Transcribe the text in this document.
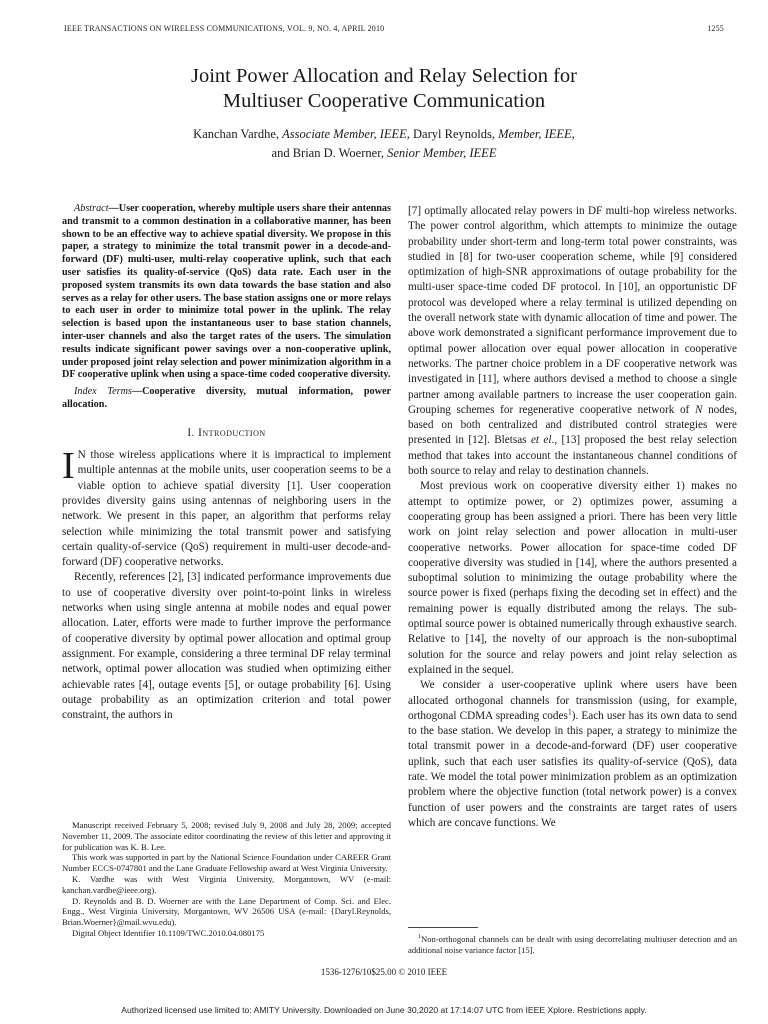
IEEE TRANSACTIONS ON WIRELESS COMMUNICATIONS, VOL. 9, NO. 4, APRIL 2010	1255
Joint Power Allocation and Relay Selection for
Multiuser Cooperative Communication
Kanchan Vardhe, Associate Member, IEEE, Daryl Reynolds, Member, IEEE,
and Brian D. Woerner, Senior Member, IEEE

Abstract—User cooperation, whereby multiple users share their antennas and transmit to a common destination in a collaborative manner, has been shown to be an effective way to achieve spatial diversity. We propose in this paper, a strategy to minimize the total transmit power in a decode-and-forward (DF) multi-user, multi-relay cooperative uplink, such that each user satisfies its quality-of-service (QoS) data rate. Each user in the proposed system transmits its own data towards the base station and also serves as a relay for other users. The base station assigns one or more relays to each user in order to minimize total power in the uplink. The relay selection is based upon the instantaneous user to base station channels, inter-user channels and also the target rates of the users. The simulation results indicate significant power savings over a non-cooperative uplink, under proposed joint relay selection and power minimization algorithm in a DF cooperative uplink when using a space-time coded cooperative diversity.

Index Terms—Cooperative diversity, mutual information, power allocation.

I. Introduction

I N those wireless applications where it is impractical to implement multiple antennas at the mobile units, user cooperation seems to be a viable option to achieve spatial diversity [1]. User cooperation provides diversity gains using antennas of neighboring users in the network. We present in this paper, an algorithm that performs relay selection while minimizing the total transmit power and satisfying certain quality-of-service (QoS) requirement in multi-user decode-and-forward (DF) cooperative networks.

Recently, references [2], [3] indicated performance improvements due to use of cooperative diversity over point-to-point links in wireless networks when using single antenna at mobile nodes and equal power allocation. Later, efforts were made to further improve the performance of cooperative diversity by optimal power allocation and optimal group assignment. For example, considering a three terminal DF relay terminal network, optimal power allocation was studied when optimizing either achievable rates [4], outage events [5], or outage probability [6]. Using outage probability as an optimization criterion and total power constraint, the authors in

Manuscript received February 5, 2008; revised July 9, 2008 and July 28, 2009; accepted November 11, 2009. The associate editor coordinating the review of this letter and approving it for publication was K. B. Lee.

This work was supported in part by the National Science Foundation under CAREER Grant Number ECCS-0747801 and the Lane Graduate Fellowship award at West Virginia University.

K. Vardhe was with West Virginia University, Morgantown, WV (e-mail: kanchan.vardhe@ieee.org).

D. Reynolds and B. D. Woerner are with the Lane Department of Comp. Sci. and Elec. Engg., West Virginia University, Morgantown, WV 26506 USA (e-mail: {Daryl.Reynolds, Brian.Woerner}@mail.wvu.edu).

Digital Object Identifier 10.1109/TWC.2010.04.080175

[7] optimally allocated relay powers in DF multi-hop wireless networks. The power control algorithm, which attempts to minimize the outage probability under short-term and long-term total power constraints, was studied in [8] for two-user cooperation scheme, while [9] considered optimization of high-SNR approximations of outage probability for the multi-user space-time coded DF protocol. In [10], an opportunistic DF protocol was developed where a relay terminal is utilized depending on the overall network state with dynamic allocation of time and power. The above work demonstrated a significant performance improvement due to optimal power allocation over equal power allocation in cooperative networks. The partner choice problem in a DF cooperative network was investigated in [11], where authors devised a method to choose a single partner among available partners to increase the user cooperation gain. Grouping schemes for regenerative cooperative network of N nodes, based on both centralized and distributed control strategies were presented in [12]. Bletsas et el., [13] proposed the best relay selection method that takes into account the instantaneous channel conditions of both source to relay and relay to destination channels.

Most previous work on cooperative diversity either 1) makes no attempt to optimize power, or 2) optimizes power, assuming a cooperating group has been assigned a priori. There has been very little work on joint relay selection and power allocation in multi-user cooperative networks. Power allocation for space-time coded DF cooperative diversity was studied in [14], where the authors presented a suboptimal solution to minimizing the outage probability where the source power is fixed (perhaps fixing the decoding set in effect) and the remaining power is equally distributed among the relays. The sub-optimal source power is obtained numerically through exhaustive search. Relative to [14], the novelty of our approach is the non-suboptimal solution for the source and relay powers and joint relay selection as explained in the sequel.

We consider a user-cooperative uplink where users have been allocated orthogonal channels for transmission (using, for example, orthogonal CDMA spreading codes$^1$). Each user has its own data to send to the base station. We develop in this paper, a strategy to minimize the total transmit power in a decode-and-forward (DF) user cooperative uplink, such that each user satisfies its quality-of-service (QoS), data rate. We model the total power minimization problem as an optimization problem where the objective function (total network power) is a convex function of user powers and the constraints are target rates of users which are concave functions. We

$^1$Non-orthogonal channels can be dealt with using decorrelating multiuser detection and an additional noise variance factor [15].

1536-1276/10$25.00 © 2010 IEEE
Authorized licensed use limited to: AMITY University. Downloaded on June 30,2020 at 17:14:07 UTC from IEEE Xplore. Restrictions apply.
